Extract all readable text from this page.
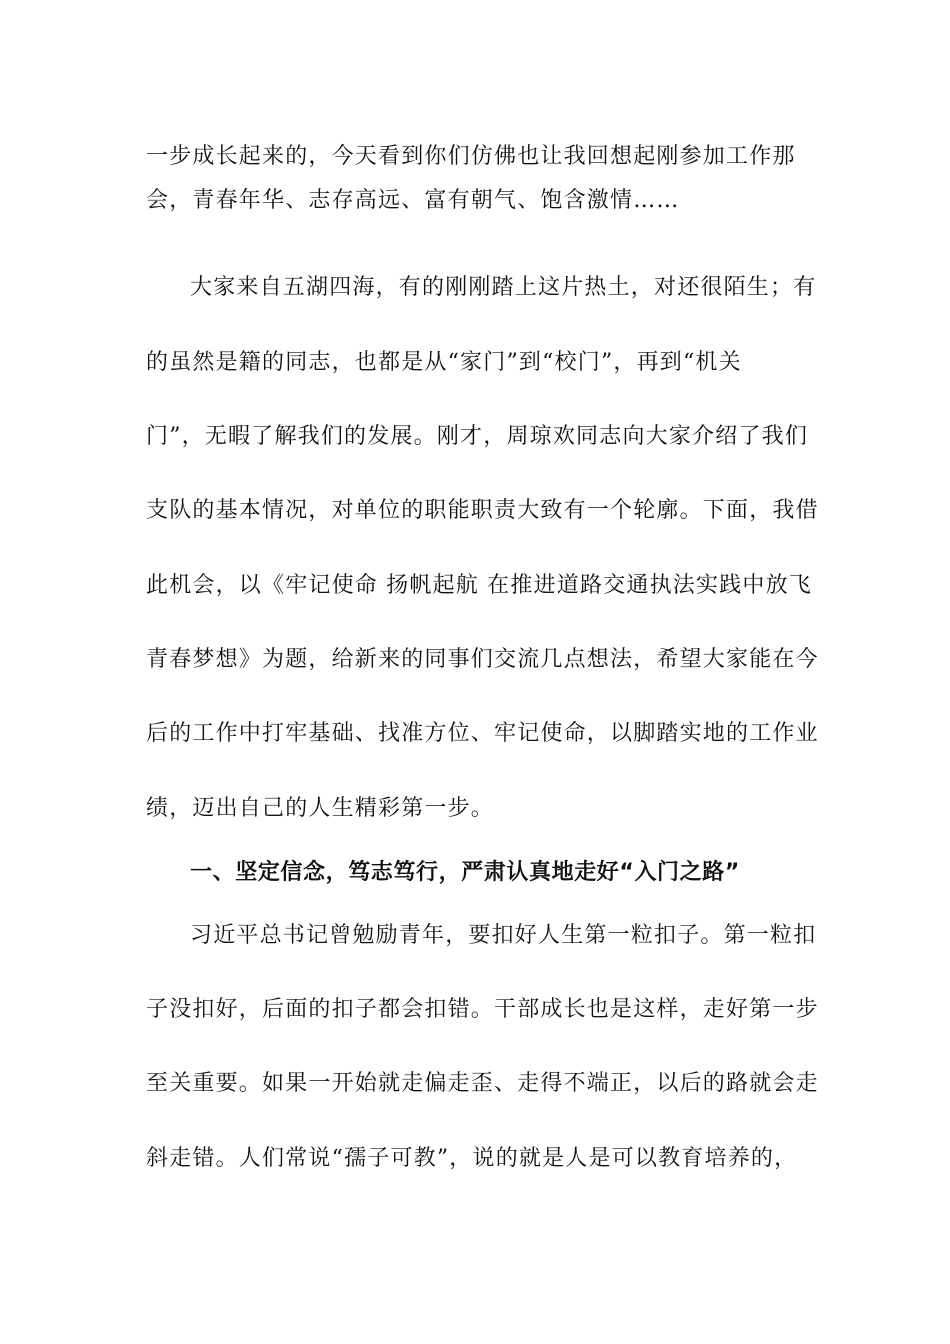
一步成长起来的，今天看到你们仿佛也让我回想起刚参加工作那
会，青春年华、志存高远、富有朝气、饱含激情……
大家来自五湖四海，有的刚刚踏上这片热土，对还很陌生；有
的虽然是籍的同志，也都是从“家门”到“校门”，再到“机关
门”，无暇了解我们的发展。刚才，周琼欢同志向大家介绍了我们
支队的基本情况，对单位的职能职责大致有一个轮廓。下面，我借
此机会，以《牢记使命 扬帆起航 在推进道路交通执法实践中放飞
青春梦想》为题，给新来的同事们交流几点想法，希望大家能在今
后的工作中打牢基础、找准方位、牢记使命，以脚踏实地的工作业
绩，迈出自己的人生精彩第一步。
一、坚定信念，笃志笃行，严肃认真地走好“入门之路”
习近平总书记曾勉励青年，要扣好人生第一粒扣子。第一粒扣
子没扣好，后面的扣子都会扣错。干部成长也是这样，走好第一步
至关重要。如果一开始就走偏走歪、走得不端正，以后的路就会走
斜走错。人们常说“孺子可教”，说的就是人是可以教育培养的，
